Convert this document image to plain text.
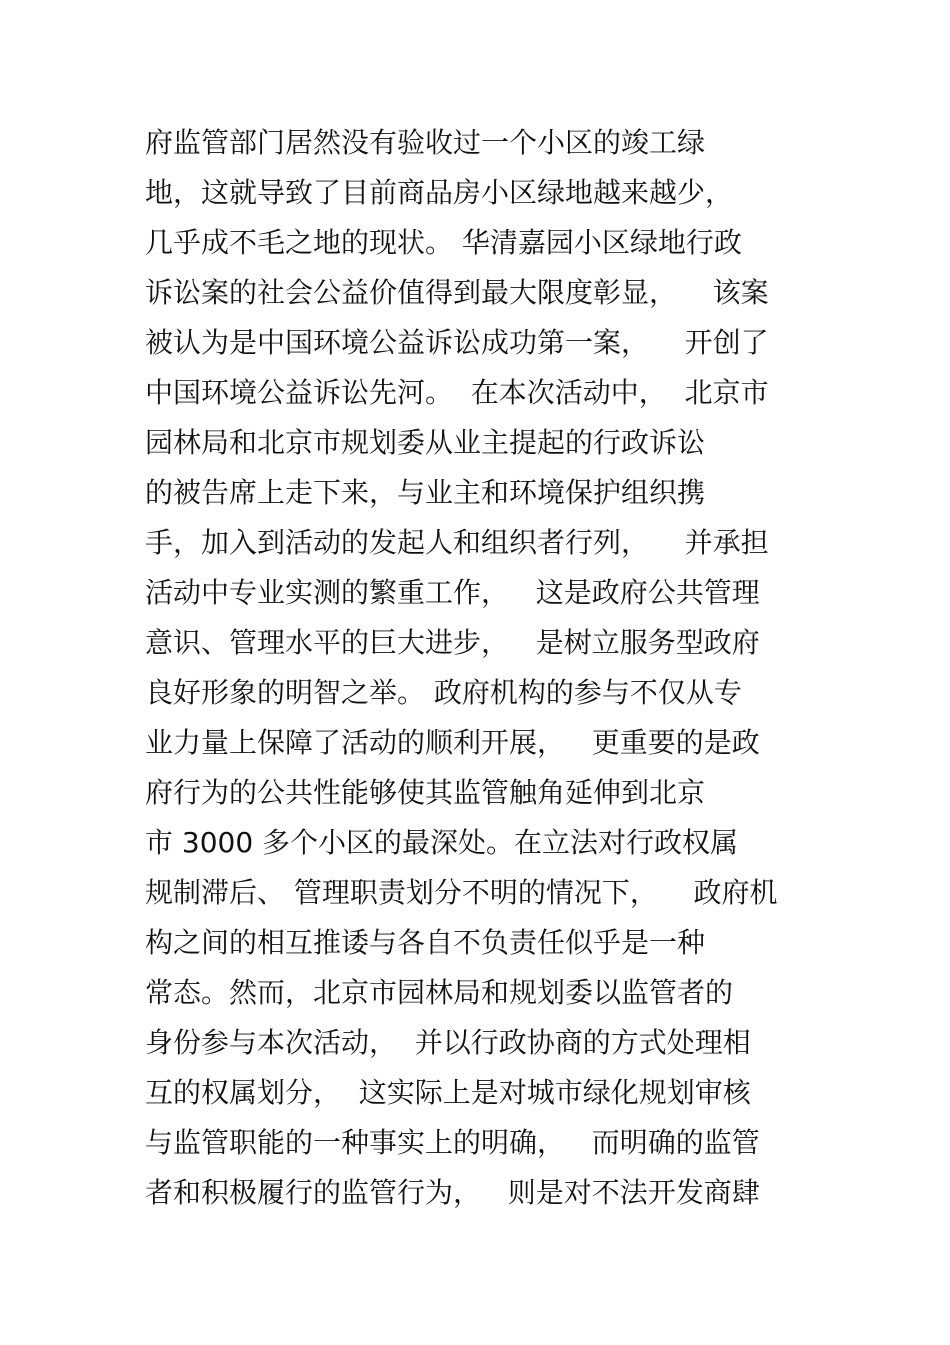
府监管部门居然没有验收过一个小区的竣工绿
地，这就导致了目前商品房小区绿地越来越少，
几乎成不毛之地的现状。 华清嘉园小区绿地行政
诉讼案的社会公益价值得到最大限度彰显，    该案
被认为是中国环境公益诉讼成功第一案，    开创了
中国环境公益诉讼先河。  在本次活动中，  北京市
园林局和北京市规划委从业主提起的行政诉讼
的被告席上走下来，与业主和环境保护组织携
手，加入到活动的发起人和组织者行列，    并承担
活动中专业实测的繁重工作，   这是政府公共管理
意识、管理水平的巨大进步，   是树立服务型政府
良好形象的明智之举。 政府机构的参与不仅从专
业力量上保障了活动的顺利开展，   更重要的是政
府行为的公共性能够使其监管触角延伸到北京
市 3000 多个小区的最深处。在立法对行政权属
规制滞后、 管理职责划分不明的情况下，    政府机
构之间的相互推诿与各自不负责任似乎是一种
常态。然而，北京市园林局和规划委以监管者的
身份参与本次活动，  并以行政协商的方式处理相
互的权属划分，  这实际上是对城市绿化规划审核
与监管职能的一种事实上的明确，   而明确的监管
者和积极履行的监管行为，   则是对不法开发商肆
